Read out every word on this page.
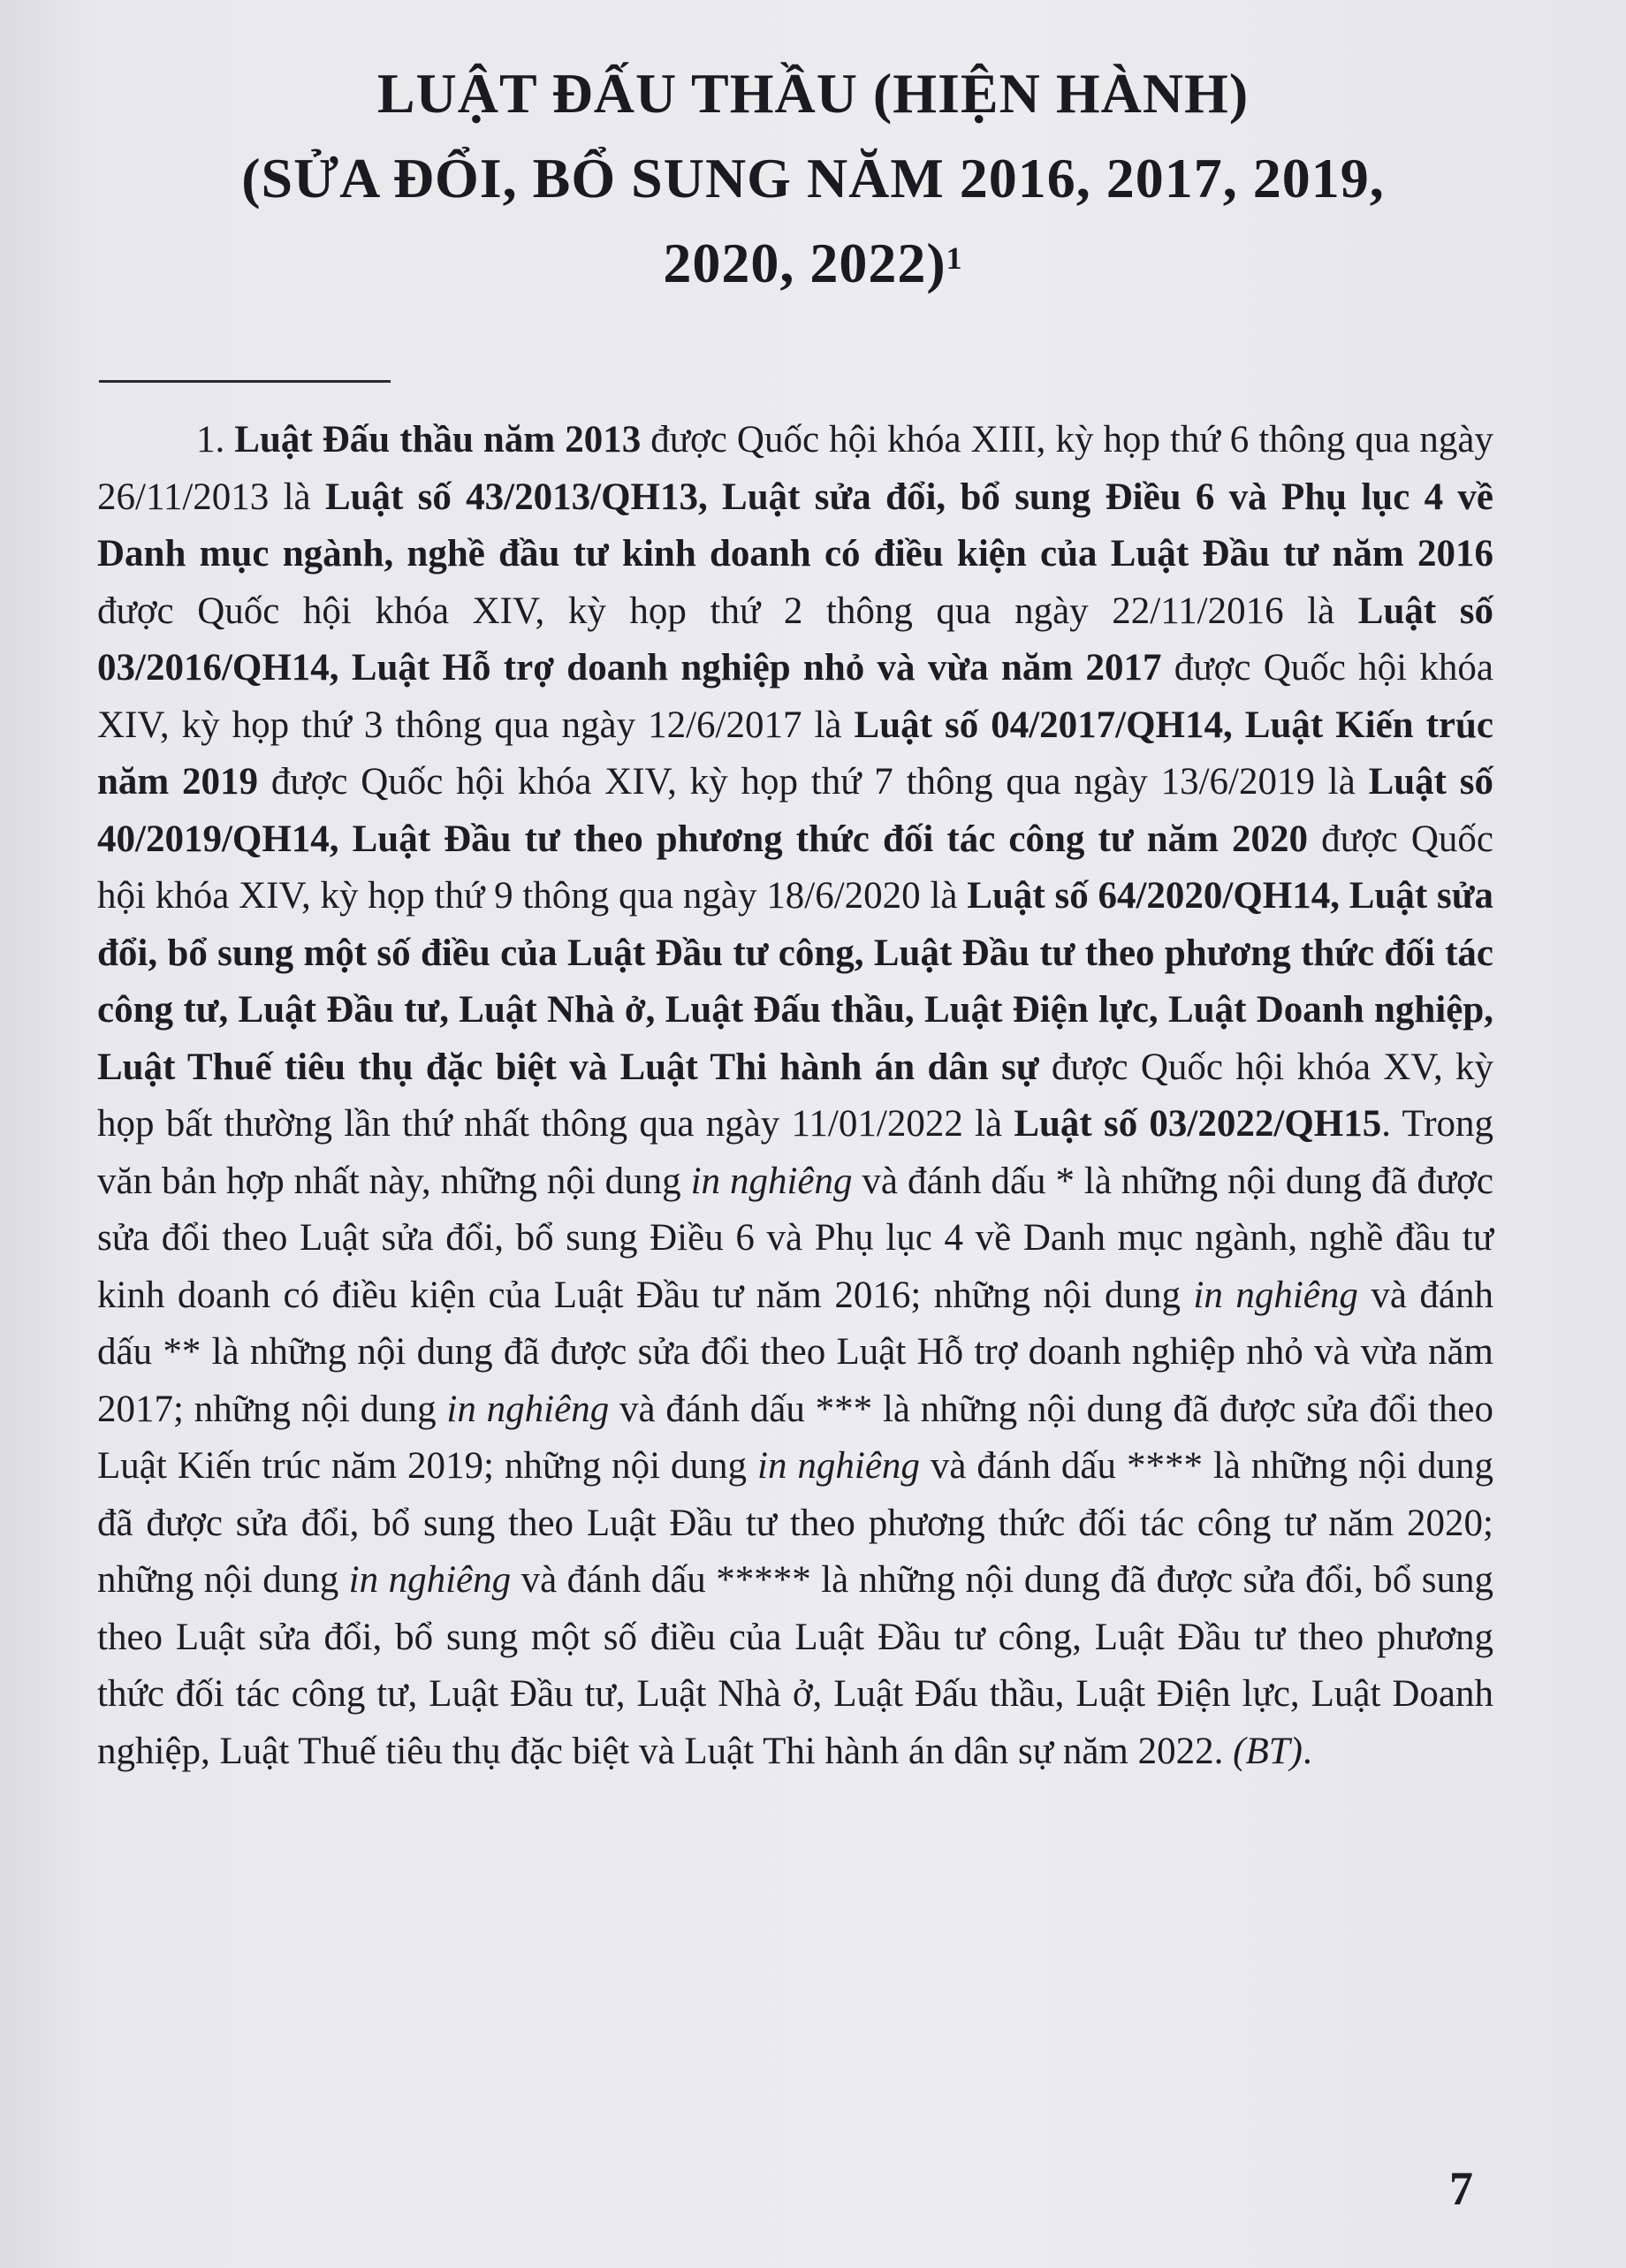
LUẬT ĐẤU THẦU (HIỆN HÀNH)
(SỬA ĐỔI, BỔ SUNG NĂM 2016, 2017, 2019,
2020, 2022)$^1$
1. Luật Đấu thầu năm 2013 được Quốc hội khóa XIII, kỳ họp thứ 6 thông qua ngày 26/11/2013 là Luật số 43/2013/QH13, Luật sửa đổi, bổ sung Điều 6 và Phụ lục 4 về Danh mục ngành, nghề đầu tư kinh doanh có điều kiện của Luật Đầu tư năm 2016 được Quốc hội khóa XIV, kỳ họp thứ 2 thông qua ngày 22/11/2016 là Luật số 03/2016/QH14, Luật Hỗ trợ doanh nghiệp nhỏ và vừa năm 2017 được Quốc hội khóa XIV, kỳ họp thứ 3 thông qua ngày 12/6/2017 là Luật số 04/2017/QH14, Luật Kiến trúc năm 2019 được Quốc hội khóa XIV, kỳ họp thứ 7 thông qua ngày 13/6/2019 là Luật số 40/2019/QH14, Luật Đầu tư theo phương thức đối tác công tư năm 2020 được Quốc hội khóa XIV, kỳ họp thứ 9 thông qua ngày 18/6/2020 là Luật số 64/2020/QH14, Luật sửa đổi, bổ sung một số điều của Luật Đầu tư công, Luật Đầu tư theo phương thức đối tác công tư, Luật Đầu tư, Luật Nhà ở, Luật Đấu thầu, Luật Điện lực, Luật Doanh nghiệp, Luật Thuế tiêu thụ đặc biệt và Luật Thi hành án dân sự được Quốc hội khóa XV, kỳ họp bất thường lần thứ nhất thông qua ngày 11/01/2022 là Luật số 03/2022/QH15. Trong văn bản hợp nhất này, những nội dung in nghiêng và đánh dấu * là những nội dung đã được sửa đổi theo Luật sửa đổi, bổ sung Điều 6 và Phụ lục 4 về Danh mục ngành, nghề đầu tư kinh doanh có điều kiện của Luật Đầu tư năm 2016; những nội dung in nghiêng và đánh dấu ** là những nội dung đã được sửa đổi theo Luật Hỗ trợ doanh nghiệp nhỏ và vừa năm 2017; những nội dung in nghiêng và đánh dấu *** là những nội dung đã được sửa đổi theo Luật Kiến trúc năm 2019; những nội dung in nghiêng và đánh dấu **** là những nội dung đã được sửa đổi, bổ sung theo Luật Đầu tư theo phương thức đối tác công tư năm 2020; những nội dung in nghiêng và đánh dấu ***** là những nội dung đã được sửa đổi, bổ sung theo Luật sửa đổi, bổ sung một số điều của Luật Đầu tư công, Luật Đầu tư theo phương thức đối tác công tư, Luật Đầu tư, Luật Nhà ở, Luật Đấu thầu, Luật Điện lực, Luật Doanh nghiệp, Luật Thuế tiêu thụ đặc biệt và Luật Thi hành án dân sự năm 2022. (BT).
7
